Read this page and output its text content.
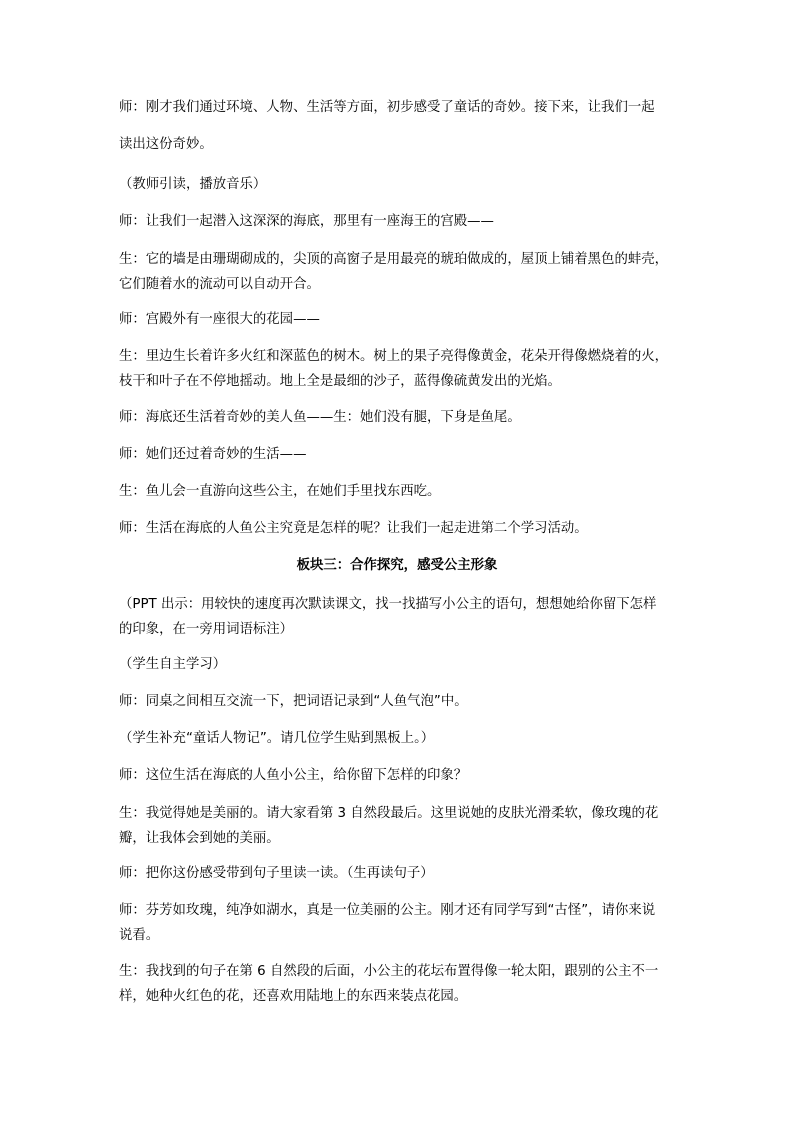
师：刚才我们通过环境、人物、生活等方面，初步感受了童话的奇妙。接下来，让我们一起
读出这份奇妙。

（教师引读，播放音乐）

师：让我们一起潜入这深深的海底，那里有一座海王的宫殿——

生：它的墙是由珊瑚砌成的，尖顶的高窗子是用最亮的琥珀做成的，屋顶上铺着黑色的蚌壳，
它们随着水的流动可以自动开合。

师：宫殿外有一座很大的花园——

生：里边生长着许多火红和深蓝色的树木。树上的果子亮得像黄金，花朵开得像燃烧着的火，
枝干和叶子在不停地摇动。地上全是最细的沙子，蓝得像硫黄发出的光焰。

师：海底还生活着奇妙的美人鱼——生：她们没有腿，下身是鱼尾。

师：她们还过着奇妙的生活——

生：鱼儿会一直游向这些公主，在她们手里找东西吃。

师：生活在海底的人鱼公主究竟是怎样的呢？让我们一起走进第二个学习活动。

板块三：合作探究，感受公主形象

（PPT 出示：用较快的速度再次默读课文，找一找描写小公主的语句，想想她给你留下怎样
的印象，在一旁用词语标注）

（学生自主学习）

师：同桌之间相互交流一下，把词语记录到“人鱼气泡”中。

（学生补充“童话人物记”。请几位学生贴到黑板上。）

师：这位生活在海底的人鱼小公主，给你留下怎样的印象？

生：我觉得她是美丽的。请大家看第 3 自然段最后。这里说她的皮肤光滑柔软，像玫瑰的花
瓣，让我体会到她的美丽。

师：把你这份感受带到句子里读一读。（生再读句子）

师：芬芳如玫瑰，纯净如湖水，真是一位美丽的公主。刚才还有同学写到“古怪”，请你来说
说看。

生：我找到的句子在第 6 自然段的后面，小公主的花坛布置得像一轮太阳，跟别的公主不一
样，她种火红色的花，还喜欢用陆地上的东西来装点花园。
